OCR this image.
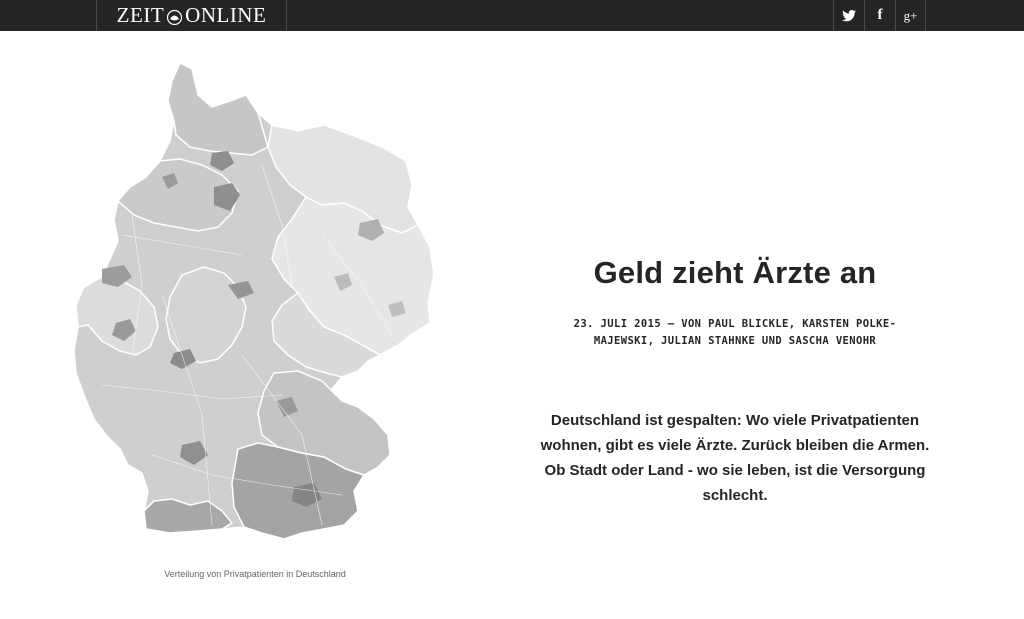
ZEIT ONLINE	f g+
Verteilung von Privatpatienten in Deutschland
Geld zieht Ärzte an
23. JULI 2015 — VON PAUL BLICKLE, KARSTEN POLKE-
MAJEWSKI, JULIAN STAHNKE UND SASCHA VENOHR
Deutschland ist gespalten: Wo viele Privatpatienten
wohnen, gibt es viele Ärzte. Zurück bleiben die Armen.
Ob Stadt oder Land - wo sie leben, ist die Versorgung
schlecht.
